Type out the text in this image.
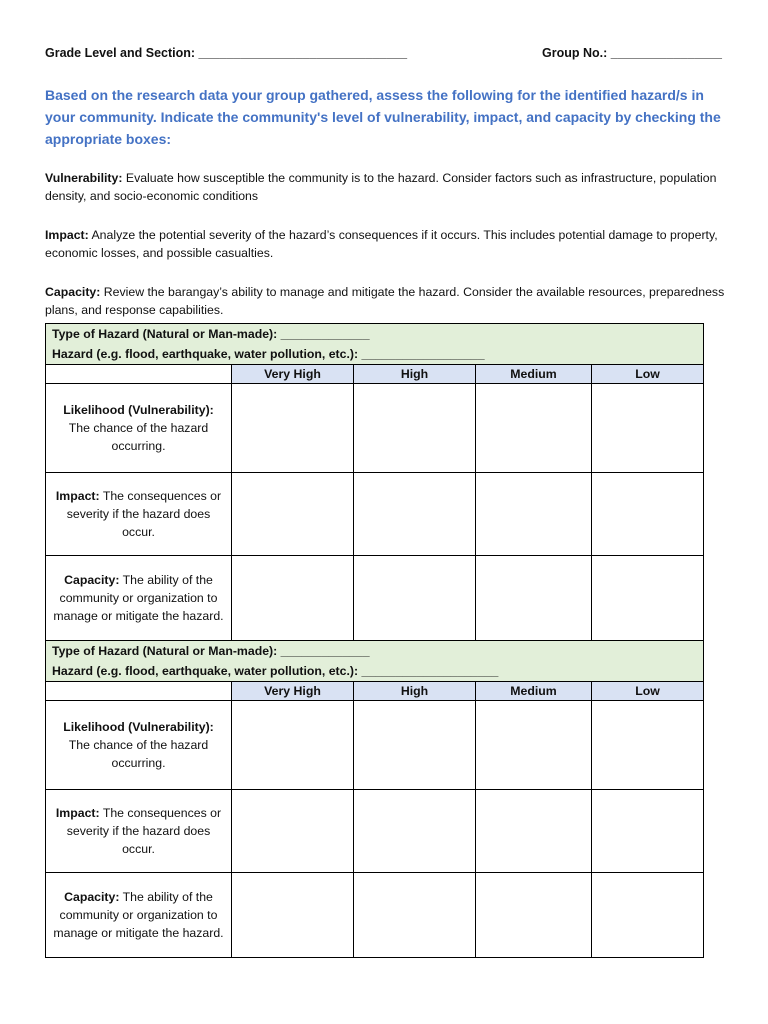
Grade Level and Section: ______________________________	Group No.: ________________

Based on the research data your group gathered, assess the following for the identified hazard/s in your community. Indicate the community's level of vulnerability, impact, and capacity by checking the appropriate boxes:

Vulnerability: Evaluate how susceptible the community is to the hazard. Consider factors such as infrastructure, population density, and socio-economic conditions

Impact: Analyze the potential severity of the hazard’s consequences if it occurs. This includes potential damage to property, economic losses, and possible casualties.

Capacity: Review the barangay’s ability to manage and mitigate the hazard. Consider the available resources, preparedness plans, and response capabilities.

Type of Hazard (Natural or Man-made): _____________
Hazard (e.g. flood, earthquake, water pollution, etc.): __________________				

	Very High	High	Medium	Low
Likelihood (Vulnerability):
The chance of the hazard occurring.				
Impact: The consequences or severity if the hazard does occur.				
Capacity: The ability of the community or organization to manage or mitigate the hazard.				
Type of Hazard (Natural or Man-made): _____________
Hazard (e.g. flood, earthquake, water pollution, etc.): ____________________				

	Very High	High	Medium	Low
Likelihood (Vulnerability):
The chance of the hazard occurring.				
Impact: The consequences or severity if the hazard does occur.				
Capacity: The ability of the community or organization to manage or mitigate the hazard.				
